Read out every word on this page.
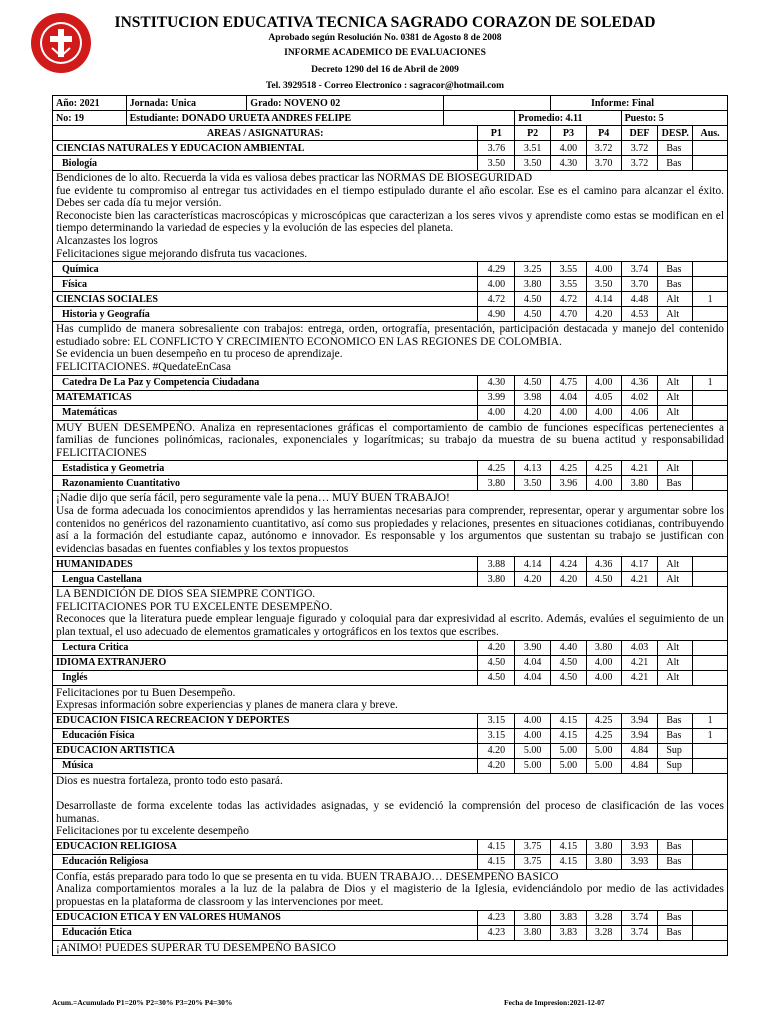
INSTITUCION EDUCATIVA TECNICA SAGRADO CORAZON DE SOLEDAD
Aprobado según Resolución No. 0381 de Agosto 8 de 2008
INFORME ACADEMICO DE EVALUACIONES
Decreto 1290 del 16 de Abril de 2009
Tel. 3929518 - Correo Electronico : sagracor@hotmail.com
Año: 2021	Jornada: Unica	Grado: NOVENO 02				Informe: Final				
No: 19	Estudiante: DONADO URUETA ANDRES FELIPE				Promedio: 4.11			Puesto: 5		
AREAS / ASIGNATURAS:				P1	P2	P3	P4	DEF	DESP.	Aus.
CIENCIAS NATURALES Y EDUCACION AMBIENTAL				3.76	3.51	4.00	3.72	3.72	Bas	
Biología				3.50	3.50	4.30	3.70	3.72	Bas	

Bendiciones de lo alto. Recuerda la vida es valiosa debes practicar las NORMAS DE BIOSEGURIDAD

fue evidente tu compromiso al entregar tus actividades en el tiempo estipulado durante el año escolar. Ese es el camino para alcanzar el éxito. Debes ser cada día tu mejor versión.

Reconociste bien las características macroscópicas y microscópicas que caracterizan a los seres vivos y aprendiste como estas se modifican en el tiempo determinando la variedad de especies y la evolución de las especies del planeta.

Alcanzastes los logros

Felicitaciones sigue mejorando disfruta tus vacaciones.										

Química				4.29	3.25	3.55	4.00	3.74	Bas	
Física				4.00	3.80	3.55	3.50	3.70	Bas	
CIENCIAS SOCIALES				4.72	4.50	4.72	4.14	4.48	Alt	1
Historia y Geografía				4.90	4.50	4.70	4.20	4.53	Alt	

Has cumplido de manera sobresaliente con trabajos: entrega, orden, ortografía, presentación, participación destacada y manejo del contenido estudiado sobre: EL CONFLICTO Y CRECIMIENTO ECONOMICO EN LAS REGIONES DE COLOMBIA.

Se evidencia un buen desempeño en tu proceso de aprendizaje.

FELICITACIONES. #QuedateEnCasa										

Catedra De La Paz y Competencia Ciudadana				4.30	4.50	4.75	4.00	4.36	Alt	1
MATEMATICAS				3.99	3.98	4.04	4.05	4.02	Alt	
Matemáticas				4.00	4.20	4.00	4.00	4.06	Alt	

MUY BUEN DESEMPEÑO. Analiza en representaciones gráficas el comportamiento de cambio de funciones específicas pertenecientes a familias de funciones polinómicas, racionales, exponenciales y logarítmicas; su trabajo da muestra de su buena actitud y responsabilidad FELICITACIONES										

Estadistica y Geometria				4.25	4.13	4.25	4.25	4.21	Alt	
Razonamiento Cuantitativo				3.80	3.50	3.96	4.00	3.80	Bas	

¡Nadie dijo que sería fácil, pero seguramente vale la pena… MUY BUEN TRABAJO!

Usa de forma adecuada los conocimientos aprendidos y las herramientas necesarias para comprender, representar, operar y argumentar sobre los contenidos no genéricos del razonamiento cuantitativo, así como sus propiedades y relaciones, presentes en situaciones cotidianas, contribuyendo así a la formación del estudiante capaz, autónomo e innovador. Es responsable y los argumentos que sustentan su trabajo se justifican con evidencias basadas en fuentes confiables y los textos propuestos										

HUMANIDADES				3.88	4.14	4.24	4.36	4.17	Alt	
Lengua Castellana				3.80	4.20	4.20	4.50	4.21	Alt	

LA BENDICIÓN DE DIOS SEA SIEMPRE CONTIGO.

FELICITACIONES POR TU EXCELENTE DESEMPEÑO.

Reconoces que la literatura puede emplear lenguaje figurado y coloquial para dar expresividad al escrito. Además, evalúes el seguimiento de un plan textual, el uso adecuado de elementos gramaticales y ortográficos en los textos que escribes.										

Lectura Critica				4.20	3.90	4.40	3.80	4.03	Alt	
IDIOMA EXTRANJERO				4.50	4.04	4.50	4.00	4.21	Alt	
Inglés				4.50	4.04	4.50	4.00	4.21	Alt	

Felicitaciones por tu Buen Desempeño.

Expresas información sobre experiencias y planes de manera clara y breve.										

EDUCACION FISICA RECREACION Y DEPORTES				3.15	4.00	4.15	4.25	3.94	Bas	1
Educación Física				3.15	4.00	4.15	4.25	3.94	Bas	1
EDUCACION ARTISTICA				4.20	5.00	5.00	5.00	4.84	Sup	
Música				4.20	5.00	5.00	5.00	4.84	Sup	

Dios es nuestra fortaleza, pronto todo esto pasará.

Desarrollaste de forma excelente todas las actividades asignadas, y se evidenció la comprensión del proceso de clasificación de las voces humanas.

Felicitaciones por tu excelente desempeño										

EDUCACION RELIGIOSA				4.15	3.75	4.15	3.80	3.93	Bas	
Educación Religiosa				4.15	3.75	4.15	3.80	3.93	Bas	

Confía, estás preparado para todo lo que se presenta en tu vida. BUEN TRABAJO… DESEMPEÑO BASICO

Analiza comportamientos morales a la luz de la palabra de Dios y el magisterio de la Iglesia, evidenciándolo por medio de las actividades propuestas en la plataforma de classroom y las intervenciones por meet.										

EDUCACION ETICA Y EN VALORES HUMANOS				4.23	3.80	3.83	3.28	3.74	Bas	
Educación Etica				4.23	3.80	3.83	3.28	3.74	Bas	

¡ANIMO! PUEDES SUPERAR TU DESEMPEÑO BASICO										

Acum.=Acumulado P1=20% P2=30% P3=20% P4=30%	Fecha de Impresion:2021-12-07
